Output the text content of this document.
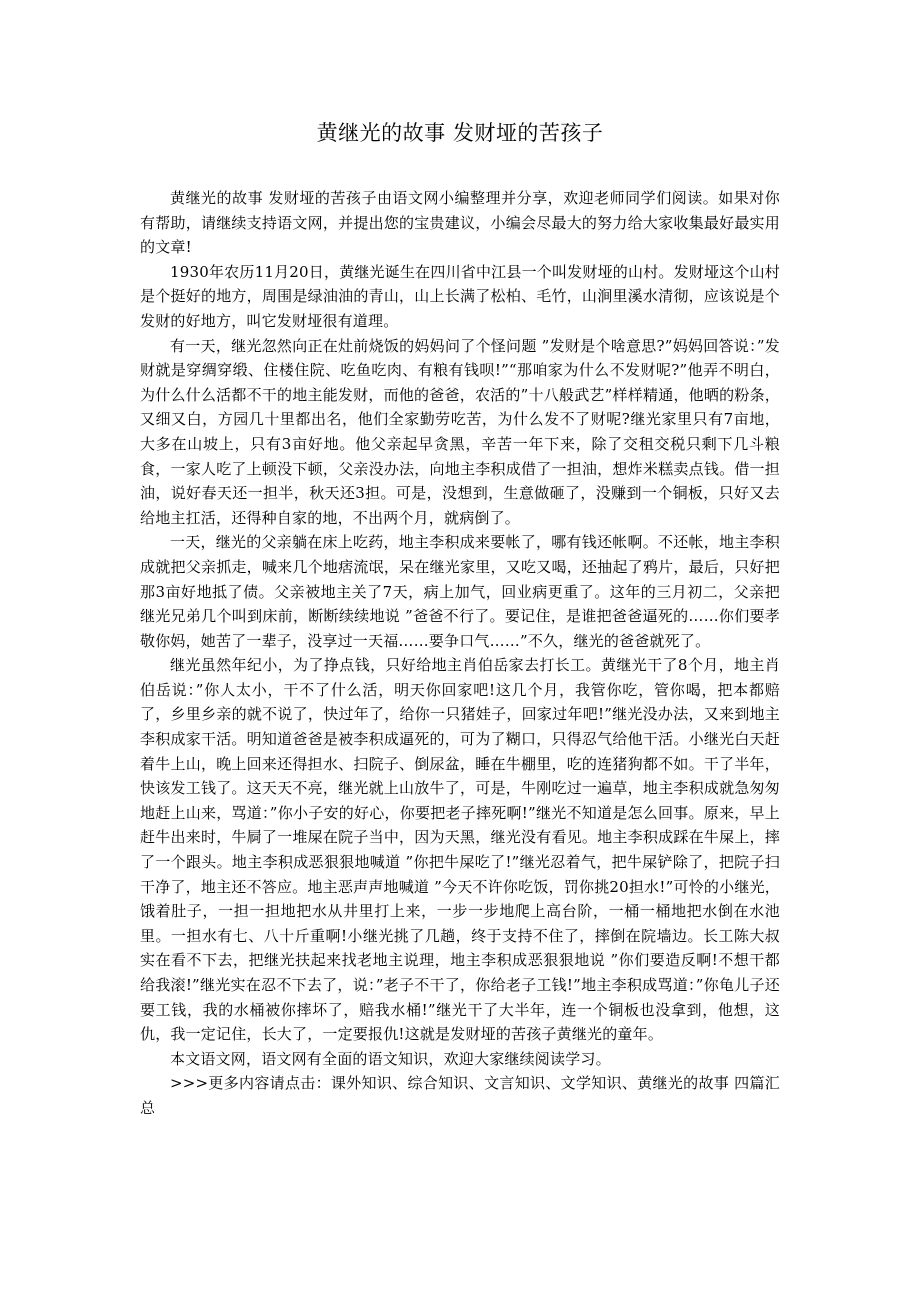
黄继光的故事 发财垭的苦孩子

黄继光的故事 发财垭的苦孩子由语文网小编整理并分享，欢迎老师同学们阅读。如果对你有帮助，请继续支持语文网，并提出您的宝贵建议，小编会尽最大的努力给大家收集最好最实用的文章!

1930年农历11月20日，黄继光诞生在四川省中江县一个叫发财垭的山村。发财垭这个山村是个挺好的地方，周围是绿油油的青山，山上长满了松柏、毛竹，山涧里溪水清彻，应该说是个发财的好地方，叫它发财垭很有道理。

有一天，继光忽然向正在灶前烧饭的妈妈问了个怪问题 ”发财是个啥意思?”妈妈回答说：”发财就是穿绸穿缎、住楼住院、吃鱼吃肉、有粮有钱呗!”“那咱家为什么不发财呢?”他弄不明白，为什么什么活都不干的地主能发财，而他的爸爸，农活的”十八般武艺”样样精通，他晒的粉条，又细又白，方园几十里都出名，他们全家勤劳吃苦，为什么发不了财呢?继光家里只有7亩地，大多在山坡上，只有3亩好地。他父亲起早贪黑，辛苦一年下来，除了交租交税只剩下几斗粮食，一家人吃了上顿没下顿，父亲没办法，向地主李积成借了一担油，想炸米糕卖点钱。借一担油，说好春天还一担半，秋天还3担。可是，没想到，生意做砸了，没赚到一个铜板，只好又去给地主扛活，还得种自家的地，不出两个月，就病倒了。

一天，继光的父亲躺在床上吃药，地主李积成来要帐了，哪有钱还帐啊。不还帐，地主李积成就把父亲抓走，喊来几个地痞流氓，呆在继光家里，又吃又喝，还抽起了鸦片，最后，只好把那3亩好地抵了债。父亲被地主关了7天，病上加气，回业病更重了。这年的三月初二，父亲把继光兄弟几个叫到床前，断断续续地说 ”爸爸不行了。要记住，是谁把爸爸逼死的……你们要孝敬你妈，她苦了一辈子，没享过一天福……要争口气……”不久，继光的爸爸就死了。

继光虽然年纪小，为了挣点钱，只好给地主肖伯岳家去打长工。黄继光干了8个月，地主肖伯岳说：”你人太小，干不了什么活，明天你回家吧!这几个月，我管你吃，管你喝，把本都赔了，乡里乡亲的就不说了，快过年了，给你一只猪娃子，回家过年吧!”继光没办法，又来到地主李积成家干活。明知道爸爸是被李积成逼死的，可为了糊口，只得忍气给他干活。小继光白天赶着牛上山，晚上回来还得担水、扫院子、倒尿盆，睡在牛棚里，吃的连猪狗都不如。干了半年，快该发工钱了。这天天不亮，继光就上山放牛了，可是，牛刚吃过一遍草，地主李积成就急匆匆地赶上山来，骂道：”你小子安的好心，你要把老子摔死啊!”继光不知道是怎么回事。原来，早上赶牛出来时，牛屙了一堆屎在院子当中，因为天黑，继光没有看见。地主李积成踩在牛屎上，摔了一个跟头。地主李积成恶狠狠地喊道 ”你把牛屎吃了!”继光忍着气，把牛屎铲除了，把院子扫干净了，地主还不答应。地主恶声声地喊道 ”今天不许你吃饭，罚你挑20担水!”可怜的小继光，饿着肚子，一担一担地把水从井里打上来，一步一步地爬上高台阶，一桶一桶地把水倒在水池里。一担水有七、八十斤重啊!小继光挑了几趟，终于支持不住了，摔倒在院墙边。长工陈大叔实在看不下去，把继光扶起来找老地主说理，地主李积成恶狠狠地说 ”你们要造反啊!不想干都给我滚!”继光实在忍不下去了，说：”老子不干了，你给老子工钱!”地主李积成骂道：”你龟儿子还要工钱，我的水桶被你摔坏了，赔我水桶!”继光干了大半年，连一个铜板也没拿到，他想，这仇，我一定记住，长大了，一定要报仇!这就是发财垭的苦孩子黄继光的童年。

本文语文网，语文网有全面的语文知识，欢迎大家继续阅读学习。

>>>更多内容请点击：课外知识、综合知识、文言知识、文学知识、黄继光的故事 四篇汇总
